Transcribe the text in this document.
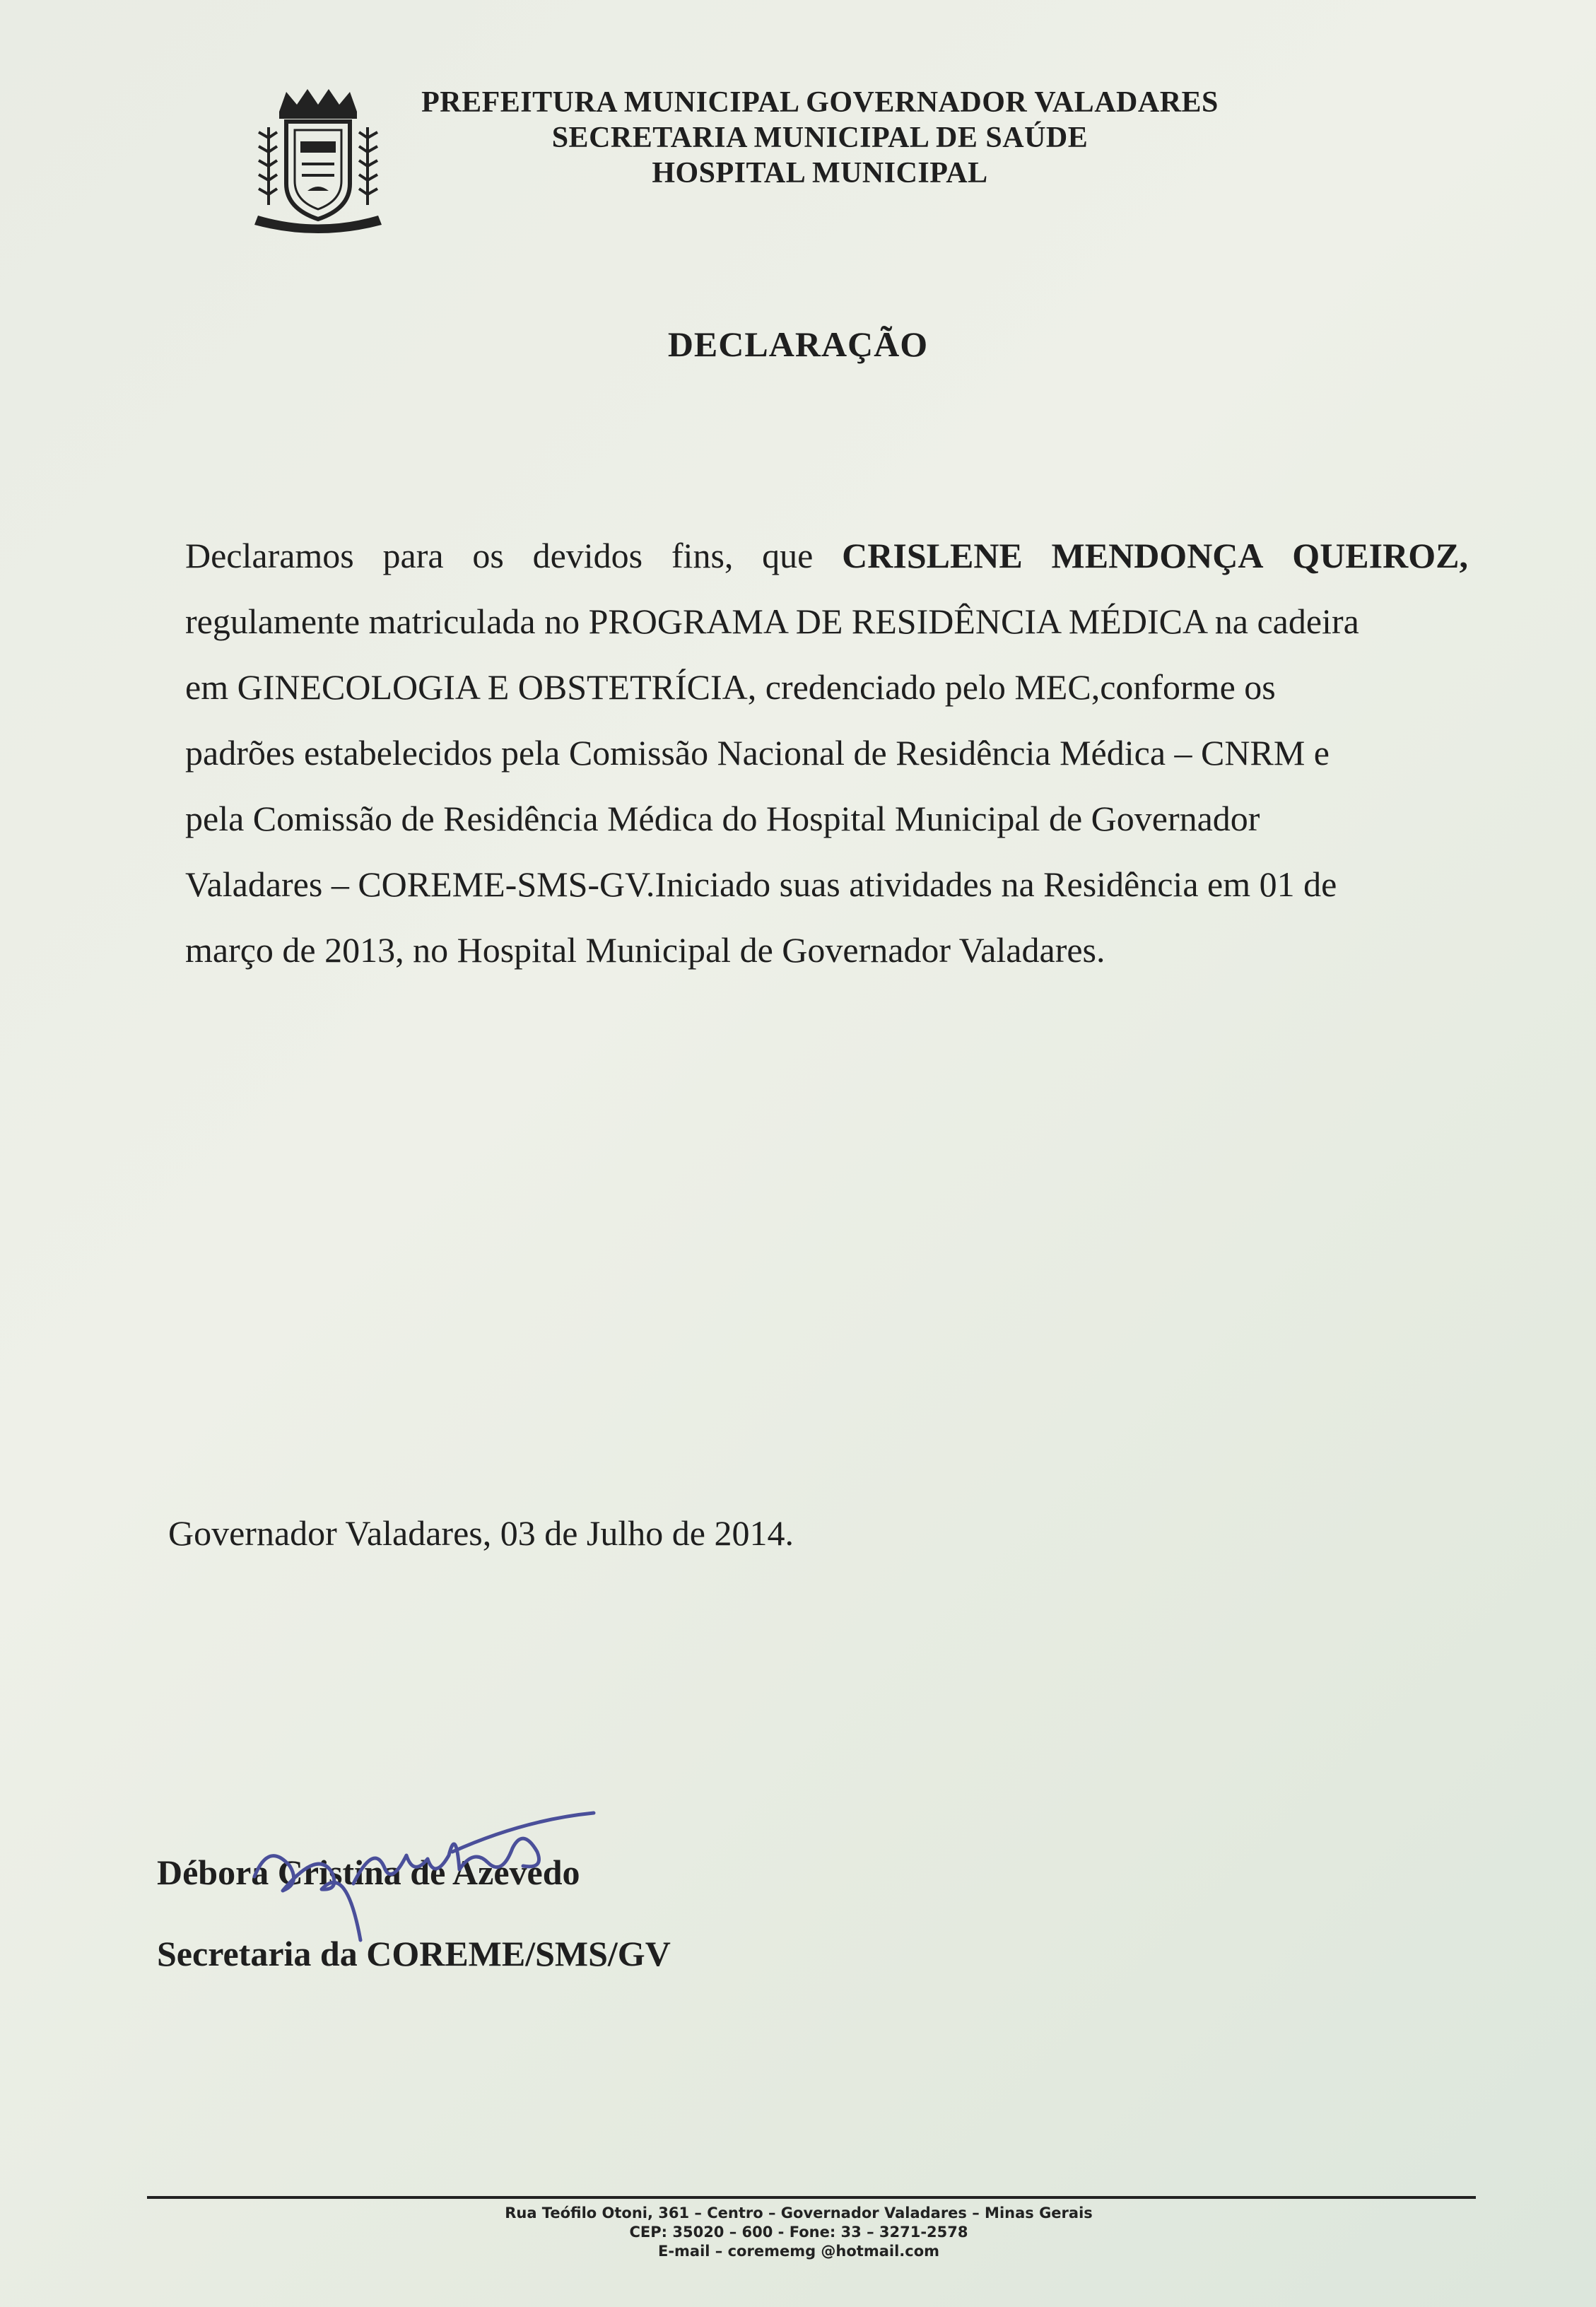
PREFEITURA MUNICIPAL GOVERNADOR VALADARES
SECRETARIA MUNICIPAL DE SAÚDE
HOSPITAL MUNICIPAL
DECLARAÇÃO
Declaramos para os devidos fins, que CRISLENE MENDONÇA QUEIROZ,
regulamente matriculada no PROGRAMA DE RESIDÊNCIA MÉDICA na cadeira
em GINECOLOGIA E OBSTETRÍCIA, credenciado pelo MEC,conforme os
padrões estabelecidos pela Comissão Nacional de Residência Médica – CNRM e
pela Comissão de Residência Médica do Hospital Municipal de Governador
Valadares – COREME-SMS-GV.Iniciado suas atividades na Residência em 01 de
março de 2013, no Hospital Municipal de Governador Valadares.
Governador Valadares, 03 de Julho de 2014.
Débora Cristina de Azevedo
Secretaria da COREME/SMS/GV
Rua Teófilo Otoni, 361 – Centro – Governador Valadares – Minas Gerais
CEP: 35020 – 600 - Fone: 33 – 3271-2578
E-mail – corememg @hotmail.com
